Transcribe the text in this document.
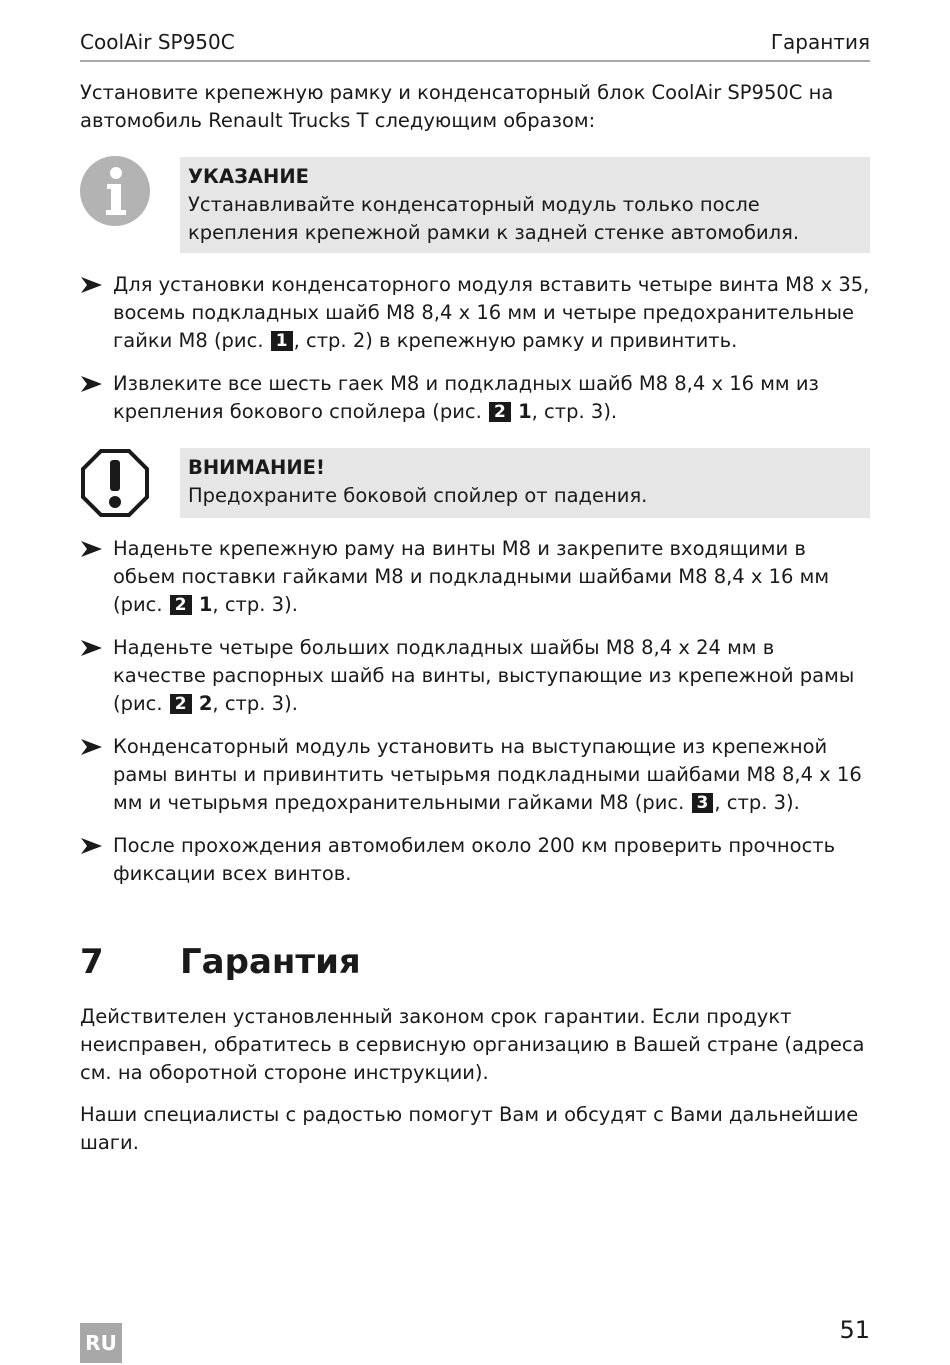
CoolAir SP950C	Гарантия

Установите крепежную рамку и конденсаторный блок CoolAir SP950C на автомобиль Renault Trucks T следующим образом:

УКАЗАНИЕ
Устанавливайте конденсаторный модуль только после крепления крепежной рамки к задней стенке автомобиля.
Для установки конденсаторного модуля вставить четыре винта M8 x 35, восемь подкладных шайб M8 8,4 x 16 мм и четыре предохранительные гайки M8 (рис. 1 , стр. 2) в крепежную рамку и привинтить.
Извлеките все шесть гаек M8 и подкладных шайб M8 8,4 x 16 мм из крепления бокового спойлера (рис. 2 1, стр. 3).
ВНИМАНИЕ!
Предохраните боковой спойлер от падения.
Наденьте крепежную раму на винты M8 и закрепите входящими в обьем поставки гайками M8 и подкладными шайбами M8 8,4 x 16 мм (рис. 2 1, стр. 3).
Наденьте четыре больших подкладных шайбы M8 8,4 x 24 мм в качестве распорных шайб на винты, выступающие из крепежной рамы (рис. 2 2, стр. 3).
Конденсаторный модуль установить на выступающие из крепежной рамы винты и привинтить четырьмя подкладными шайбами M8 8,4 x 16 мм и четырьмя предохранительными гайками M8 (рис. 3 , стр. 3).
После прохождения автомобилем около 200 км проверить прочность фиксации всех винтов.
7 Гарантия

Действителен установленный законом срок гарантии. Если продукт неисправен, обратитесь в сервисную организацию в Вашей стране (адреса см. на оборотной стороне инструкции).

Наши специалисты с радостью помогут Вам и обсудят с Вами дальнейшие шаги.

RU	51
